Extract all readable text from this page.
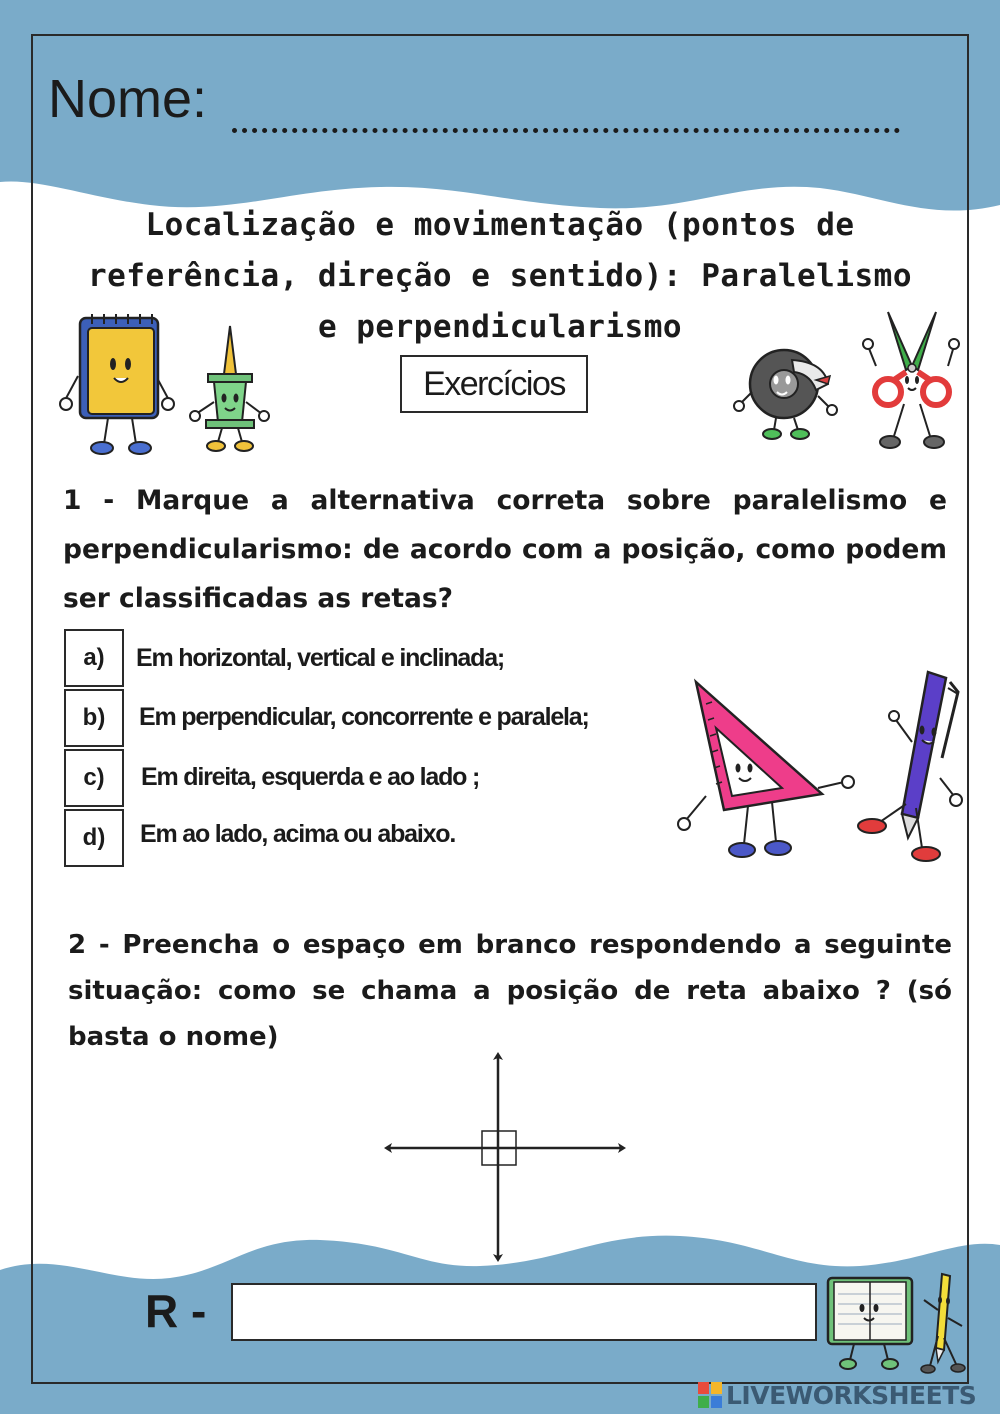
Nome:
Localização e movimentação (pontos de
referência, direção e sentido): Paralelismo
e perpendicularismo
Exercícios
1 - Marque a alternativa correta sobre paralelismo e perpendicularismo: de acordo com a posição, como podem ser classificadas as retas?
a)	Em horizontal, vertical e inclinada;
b)	Em perpendicular, concorrente e paralela;
c)	Em direita, esquerda e ao lado ;
d)	Em ao lado, acima ou abaixo.
2 - Preencha o espaço em branco respondendo a seguinte situação: como se chama a posição de reta abaixo ? (só basta o nome)
R -
LIVEWORKSHEETS
